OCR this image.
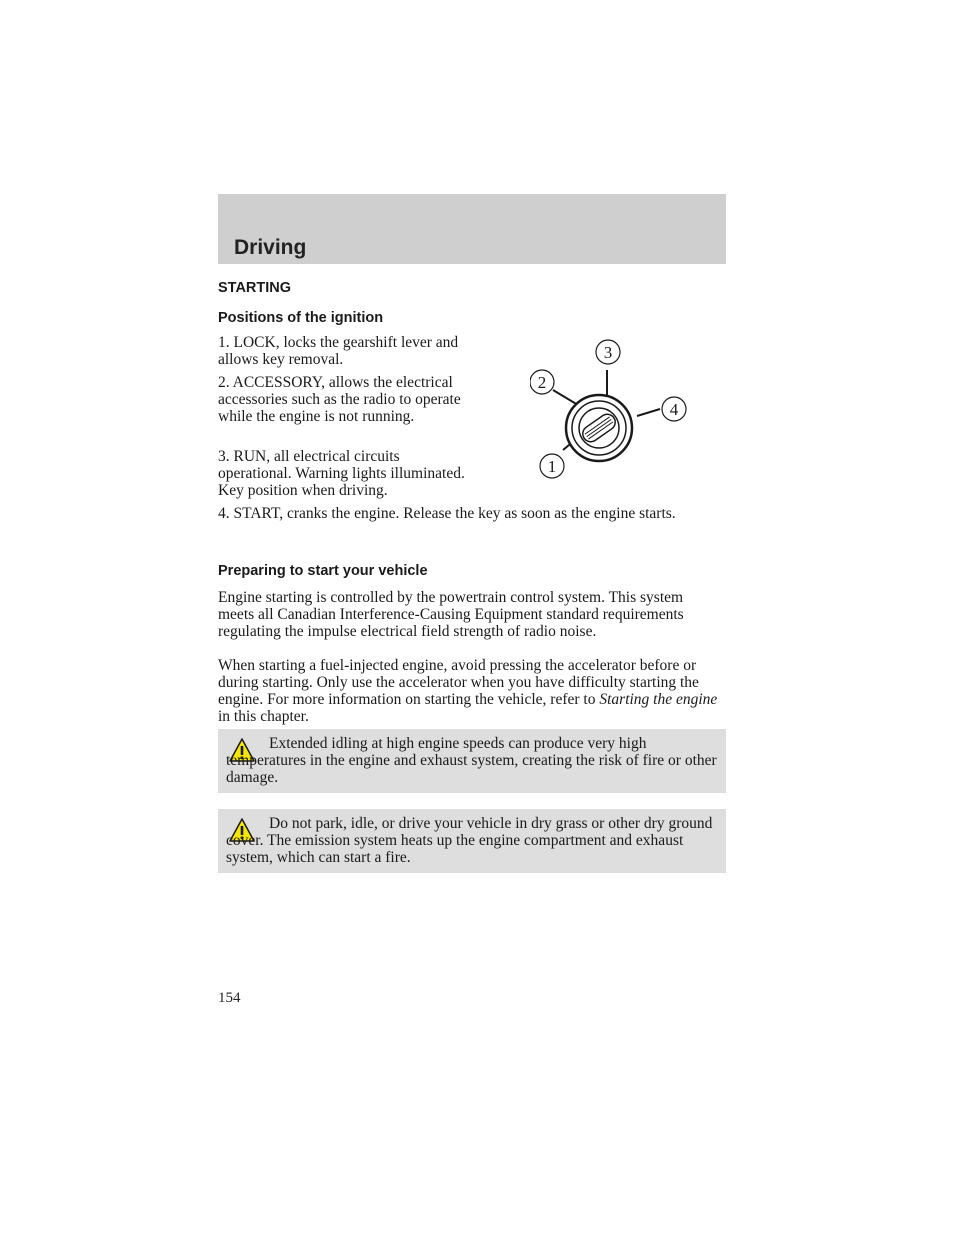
Driving
STARTING
Positions of the ignition

1. LOCK, locks the gearshift lever and allows key removal.

2. ACCESSORY, allows the electrical accessories such as the radio to operate while the engine is not running.

3. RUN, all electrical circuits operational. Warning lights illuminated. Key position when driving.

3
2
4
1

4. START, cranks the engine. Release the key as soon as the engine starts.

Preparing to start your vehicle

Engine starting is controlled by the powertrain control system. This system meets all Canadian Interference-Causing Equipment standard requirements regulating the impulse electrical field strength of radio noise.

When starting a fuel-injected engine, avoid pressing the accelerator before or during starting. Only use the accelerator when you have difficulty starting the engine. For more information on starting the vehicle, refer to Starting the engine in this chapter.

Extended idling at high engine speeds can produce very high temperatures in the engine and exhaust system, creating the risk of fire or other damage.

Do not park, idle, or drive your vehicle in dry grass or other dry ground cover. The emission system heats up the engine compartment and exhaust system, which can start a fire.

154
